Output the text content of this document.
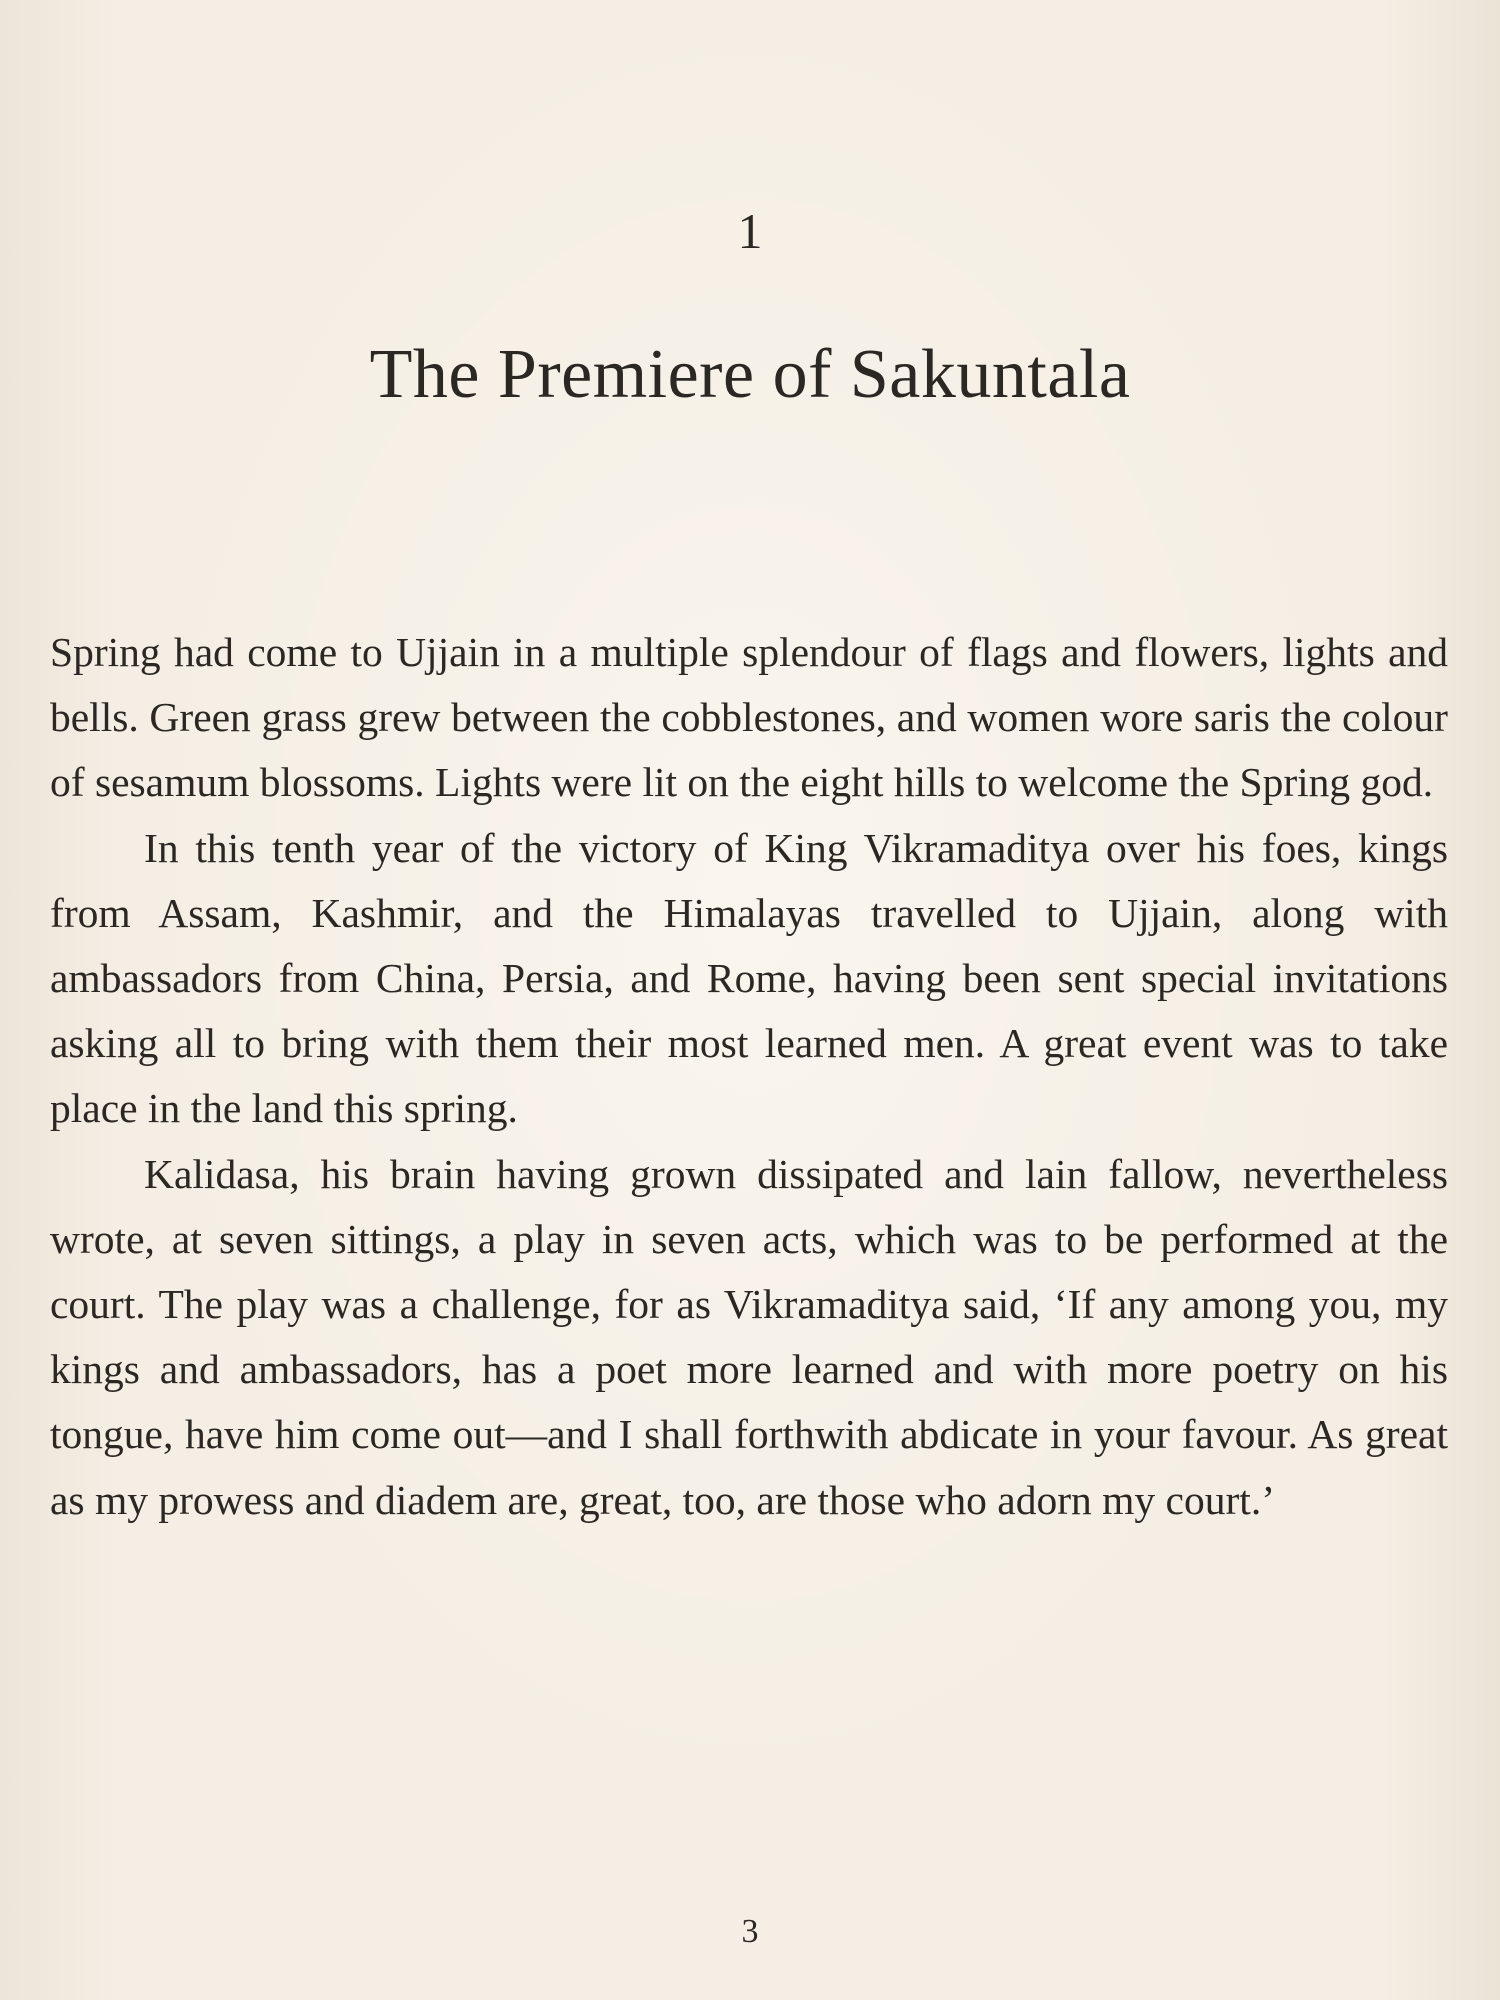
1
The Premiere of Sakuntala

Spring had come to Ujjain in a multiple splendour of flags and flowers, lights and bells. Green grass grew between the cobblestones, and women wore saris the colour of sesamum blossoms. Lights were lit on the eight hills to welcome the Spring god.

In this tenth year of the victory of King Vikramaditya over his foes, kings from Assam, Kashmir, and the Himalayas travelled to Ujjain, along with ambassadors from China, Persia, and Rome, having been sent special invitations asking all to bring with them their most learned men. A great event was to take place in the land this spring.

Kalidasa, his brain having grown dissipated and lain fallow, nevertheless wrote, at seven sittings, a play in seven acts, which was to be performed at the court. The play was a challenge, for as Vikramaditya said, ‘If any among you, my kings and ambassadors, has a poet more learned and with more poetry on his tongue, have him come out—and I shall forthwith abdicate in your favour. As great as my prowess and diadem are, great, too, are those who adorn my court.’

3
